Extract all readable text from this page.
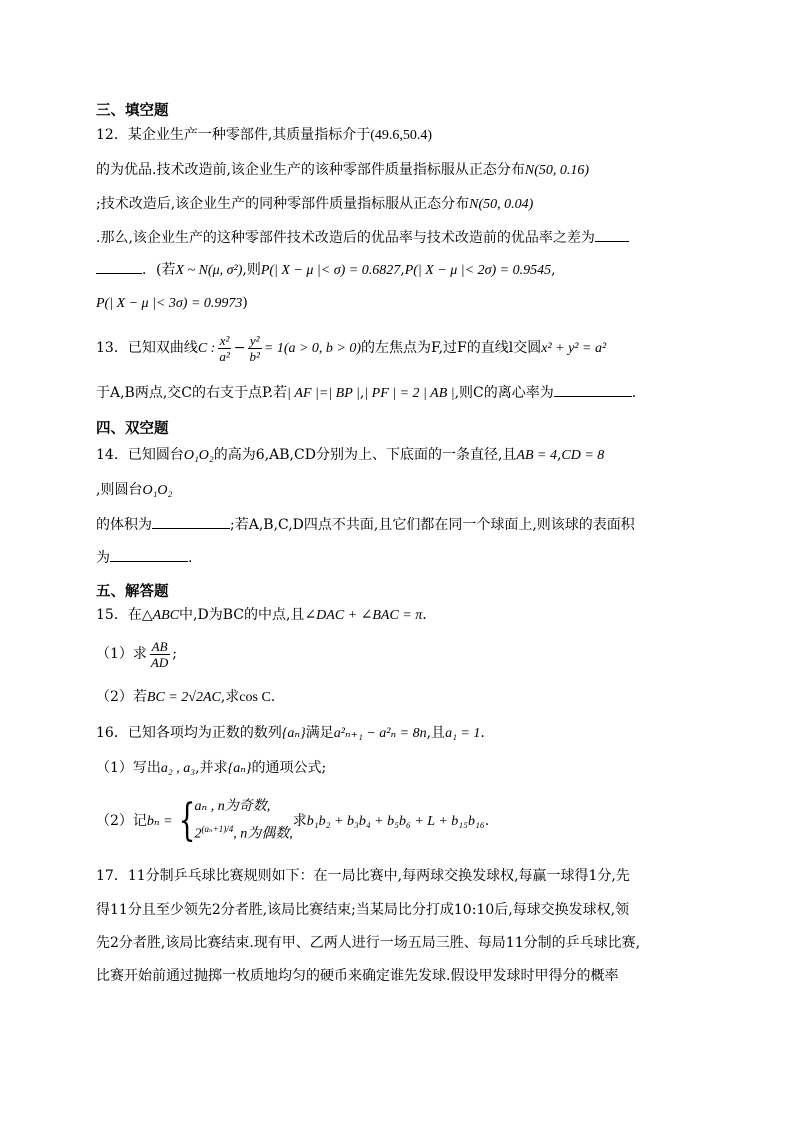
三、填空题
12．某企业生产一种零部件,其质量指标介于(49.6,50.4)
的为优品.技术改造前,该企业生产的该种零部件质量指标服从正态分布N(50, 0.16)
;技术改造后,该企业生产的同种零部件质量指标服从正态分布N(50, 0.04)
.那么,该企业生产的这种零部件技术改造后的优品率与技术改造前的优品率之差为
．(若X ~ N(μ, σ²),则P(| X − μ |< σ) = 0.6827,P(| X − μ |< 2σ) = 0.9545,
P(| X − μ |< 3σ) = 0.9973)
13．已知双曲线C : $\frac{\text{x²}}{\text{a²}} - \frac{\text{y²}}{\text{b²}} = 1(a > 0$, b > 0)的左焦点为F,过F的直线l交圆x² + y² = a²
于A,B两点,交C的右支于点P.若| AF |=| BP |,| PF | = 2 | AB |,则C的离心率为	.
四、双空题
14．已知圆台O₁O₂的高为6,AB,CD分别为上、下底面的一条直径,且AB = 4,CD = 8
,则圆台O₁O₂
的体积为	;若A,B,C,D四点不共面,且它们都在同一个球面上,则该球的表面积
为	.
五、解答题
15．在△ABC中,D为BC的中点,且∠DAC + ∠BAC = π.
（1）求 $\frac{AB}{AD}$ ;
（2）若BC = 2√2AC,求cos C.
16．已知各项均为正数的数列{aₙ}满足a²ₙ₊₁ − a²ₙ = 8n,且a₁ = 1.
（1）写出a₂ , a₃,并求{aₙ}的通项公式;
（2）记bₙ = { aₙ , n为奇数,
$2^{(a_n+1)/4}$, n为偶数,
求b₁b₂ + b₃b₄ + b₅b₆ + L + b₁₅b₁₆.
17．11分制乒乓球比赛规则如下：在一局比赛中,每两球交换发球权,每赢一球得1分,先
得11分且至少领先2分者胜,该局比赛结束;当某局比分打成10:10后,每球交换发球权,领
先2分者胜,该局比赛结束.现有甲、乙两人进行一场五局三胜、每局11分制的乒乓球比赛,
比赛开始前通过抛掷一枚质地均匀的硬币来确定谁先发球.假设甲发球时甲得分的概率
